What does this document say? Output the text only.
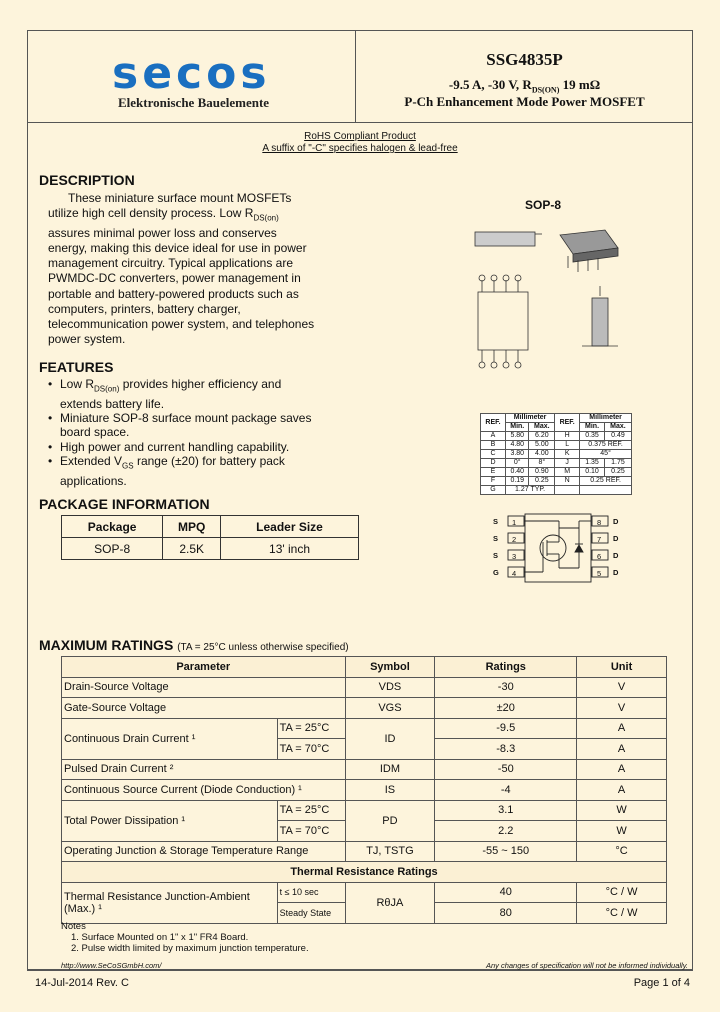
secos
Elektronische Bauelemente
SSG4835P
-9.5 A, -30 V, $R_{DS(ON)}$ 19 mΩ
P-Ch Enhancement Mode Power MOSFET
RoHS Compliant Product
A suffix of "-C" specifies halogen & lead-free
DESCRIPTION

These miniature surface mount MOSFETs utilize high cell density process. Low $R_{DS(on)}$ assures minimal power loss and conserves energy, making this device ideal for use in power management circuitry. Typical applications are PWMDC-DC converters, power management in portable and battery-powered products such as computers, printers, battery charger, telecommunication power system, and telephones power system.

FEATURES
• Low $R_{DS(on)}$ provides higher efficiency and extends battery life.
• Miniature SOP-8 surface mount package saves board space.
• High power and current handling capability.
• Extended $V_{GS}$ range (±20) for battery pack applications.
PACKAGE INFORMATION
Package	MPQ	Leader Size
SOP-8	2.5K	13' inch
SOP-8
REF.	Millimeter		REF.	Millimeter	
	Min.	Max.		Min.	Max.
A	5.80	6.20	H	0.35	0.49
B	4.80	5.00	L	0.375 REF.	
C	3.80	4.00	K	45°	
D	0°	8°	J	1.35	1.75
E	0.40	0.90	M	0.10	0.25
F	0.19	0.25	N	0.25 REF.	
G	1.27 TYP.				
S
S
S
G
1
2
3
4
8
7
6
5
D
D
D
D
MAXIMUM RATINGS (TA = 25°C unless otherwise specified)
Parameter		Symbol	Ratings	Unit
Drain-Source Voltage		VDS	-30	V
Gate-Source Voltage		VGS	±20	V
Continuous Drain Current ¹	TA = 25°C	ID	-9.5	A
	TA = 70°C		-8.3	A
Pulsed Drain Current ²		IDM	-50	A
Continuous Source Current (Diode Conduction) ¹		IS	-4	A
Total Power Dissipation ¹	TA = 25°C	PD	3.1	W
	TA = 70°C		2.2	W
Operating Junction & Storage Temperature Range		TJ, TSTG	-55 ~ 150	°C
Thermal Resistance Ratings				
Thermal Resistance Junction-Ambient (Max.) ¹	t ≤ 10 sec	RθJA	40	°C / W
	Steady State		80	°C / W
Notes
1. Surface Mounted on 1" x 1" FR4 Board.
2. Pulse width limited by maximum junction temperature.
http://www.SeCoSGmbH.com/	Any changes of specification will not be informed individually.
14-Jul-2014 Rev. C	Page 1 of 4
